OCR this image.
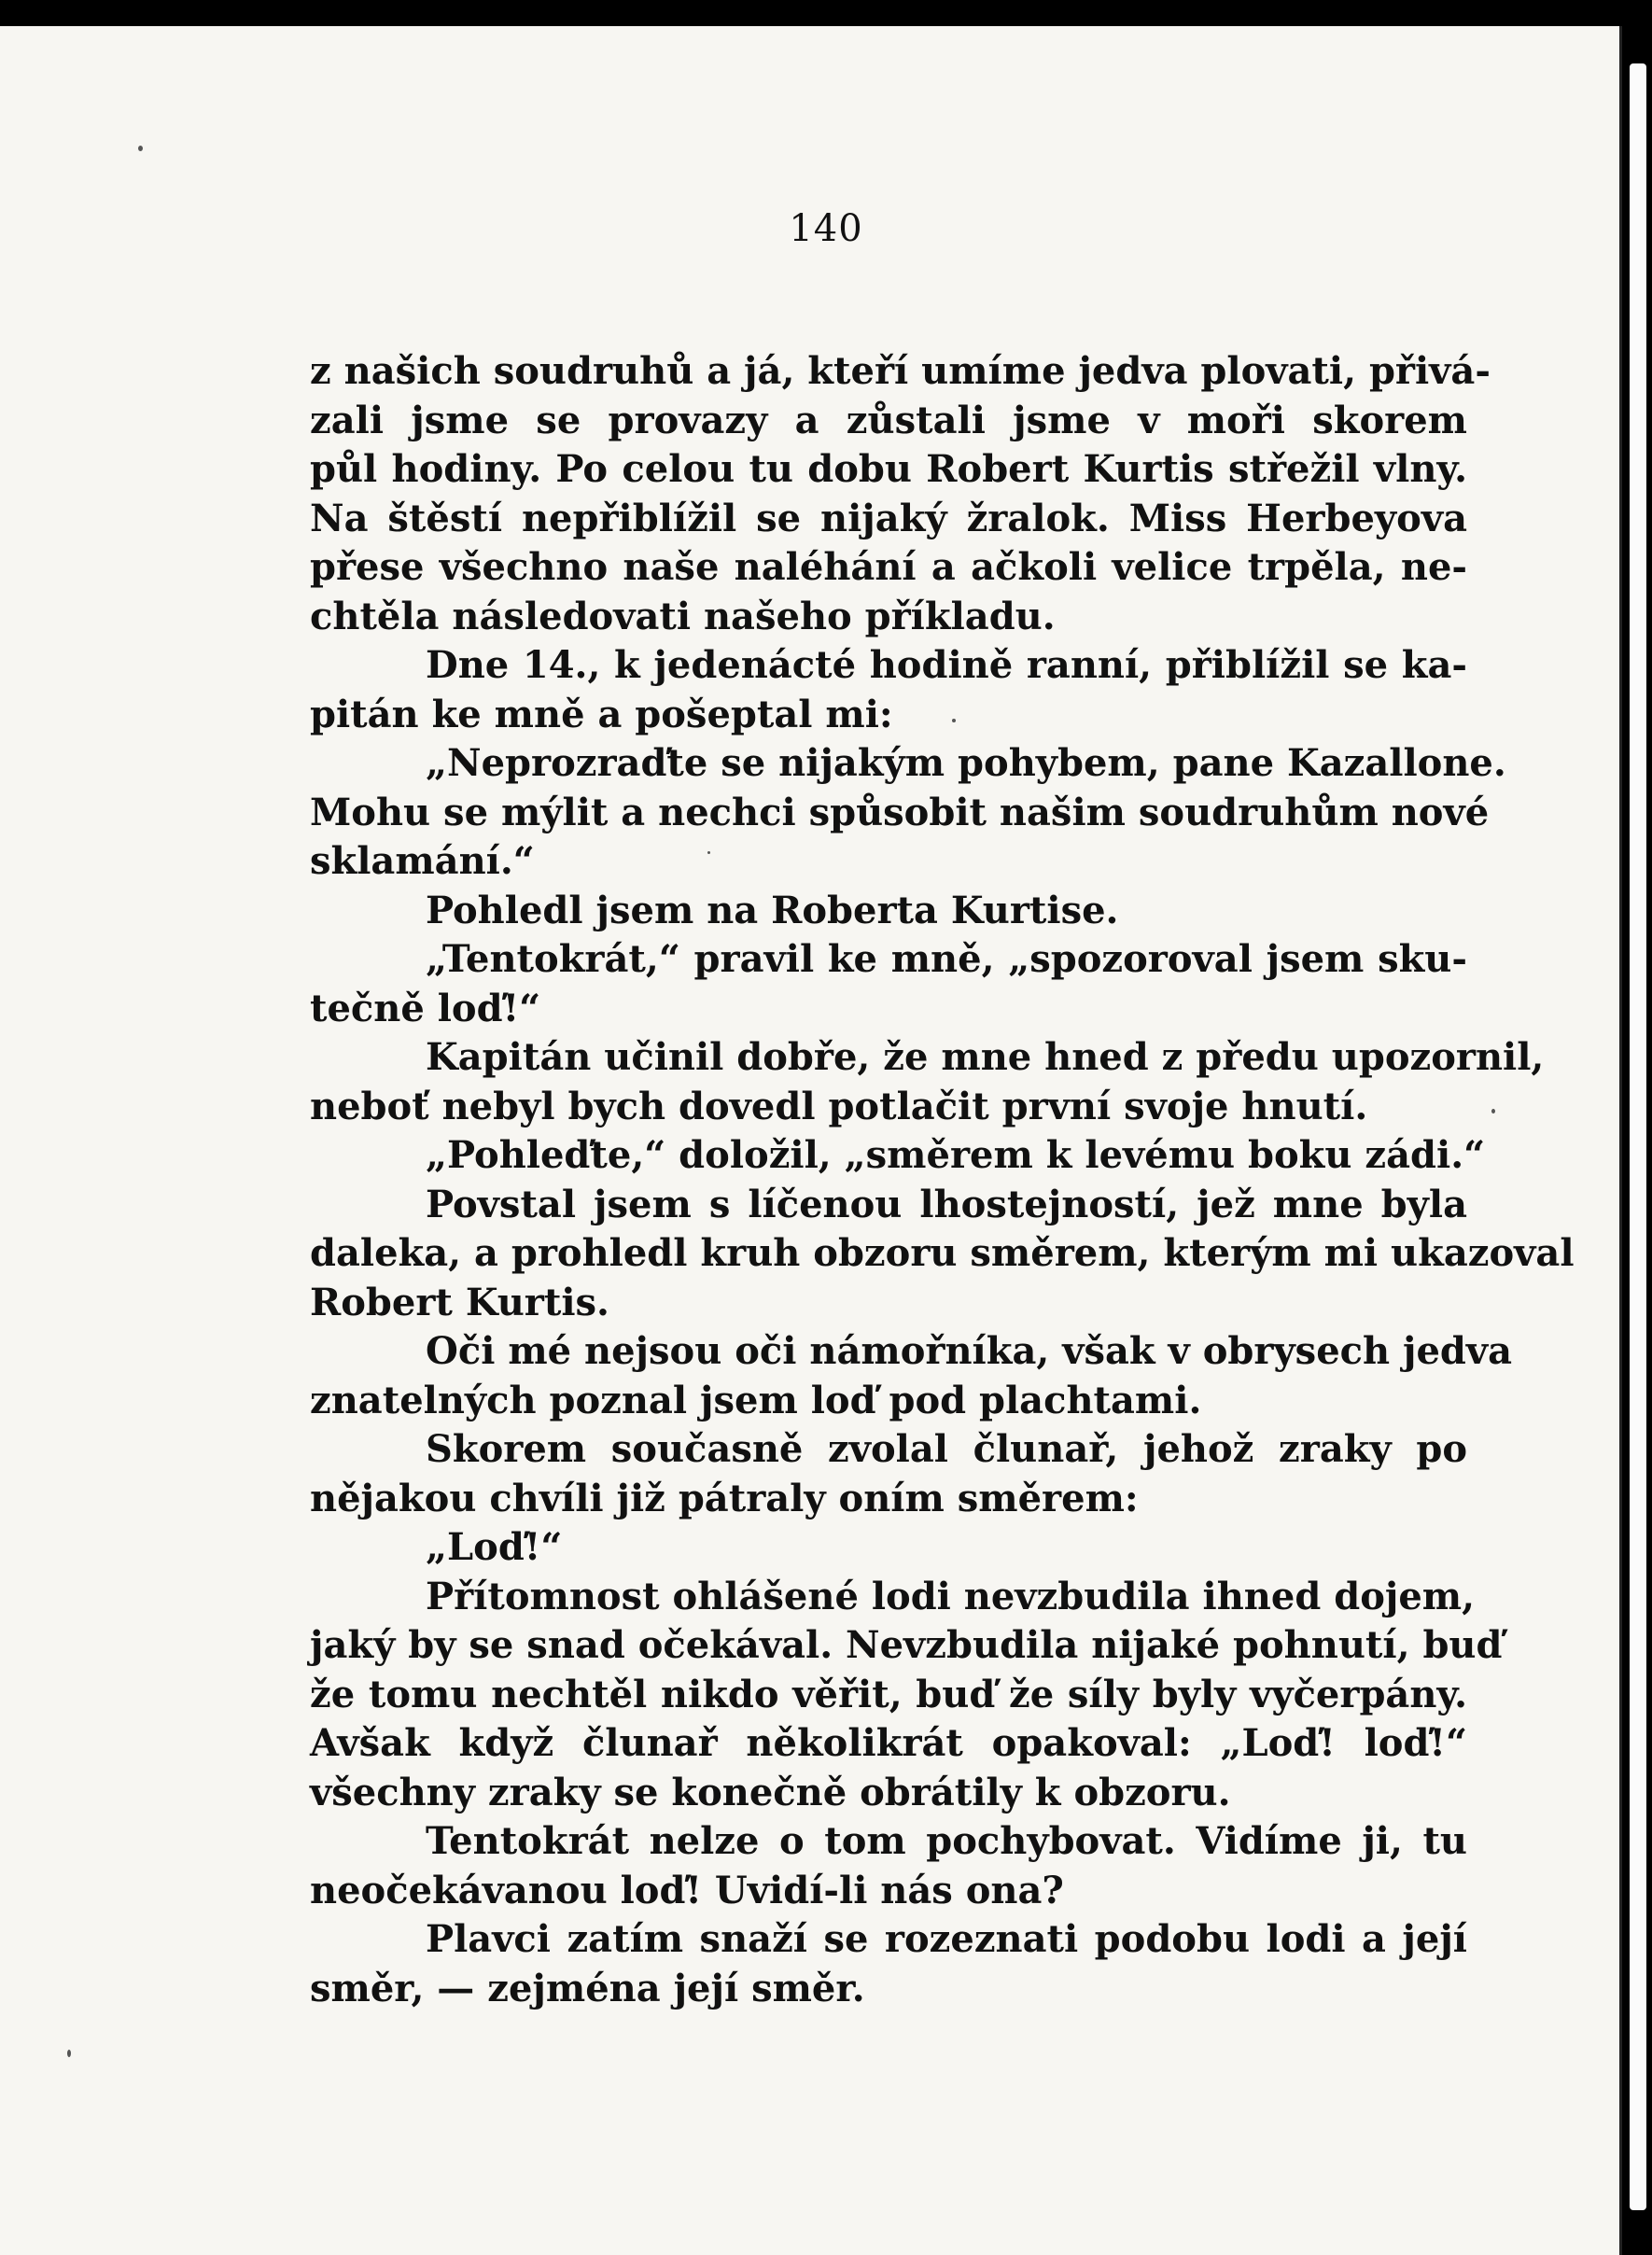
140
z našich soudruhů a já, kteří umíme jedva plovati, přivá-
zali jsme se provazy a zůstali jsme v moři skorem
půl hodiny. Po celou tu dobu Robert Kurtis střežil vlny.
Na štěstí nepřiblížil se nijaký žralok. Miss Herbeyova
přese všechno naše naléhání a ačkoli velice trpěla, ne-
chtěla následovati našeho příkladu.
Dne 14., k jedenácté hodině ranní, přiblížil se ka-
pitán ke mně a pošeptal mi:
„Neprozraďte se nijakým pohybem, pane Kazallone.
Mohu se mýlit a nechci spůsobit našim soudruhům nové
sklamání.“
Pohledl jsem na Roberta Kurtise.
„Tentokrát,“ pravil ke mně, „spozoroval jsem sku-
tečně loď!“
Kapitán učinil dobře, že mne hned z předu upozornil,
neboť nebyl bych dovedl potlačit první svoje hnutí.
„Pohleďte,“ doložil, „směrem k levému boku zádi.“
Povstal jsem s líčenou lhostejností, jež mne byla
daleka, a prohledl kruh obzoru směrem, kterým mi ukazoval
Robert Kurtis.
Oči mé nejsou oči námořníka, však v obrysech jedva
znatelných poznal jsem loď pod plachtami.
Skorem současně zvolal člunař, jehož zraky po
nějakou chvíli již pátraly oním směrem:
„Loď!“
Přítomnost ohlášené lodi nevzbudila ihned dojem,
jaký by se snad očekával. Nevzbudila nijaké pohnutí, buď
že tomu nechtěl nikdo věřit, buď že síly byly vyčerpány.
Avšak když člunař několikrát opakoval: „Loď! loď!“
všechny zraky se konečně obrátily k obzoru.
Tentokrát nelze o tom pochybovat. Vidíme ji, tu
neočekávanou loď! Uvidí-li nás ona?
Plavci zatím snaží se rozeznati podobu lodi a její
směr, — zejména její směr.
